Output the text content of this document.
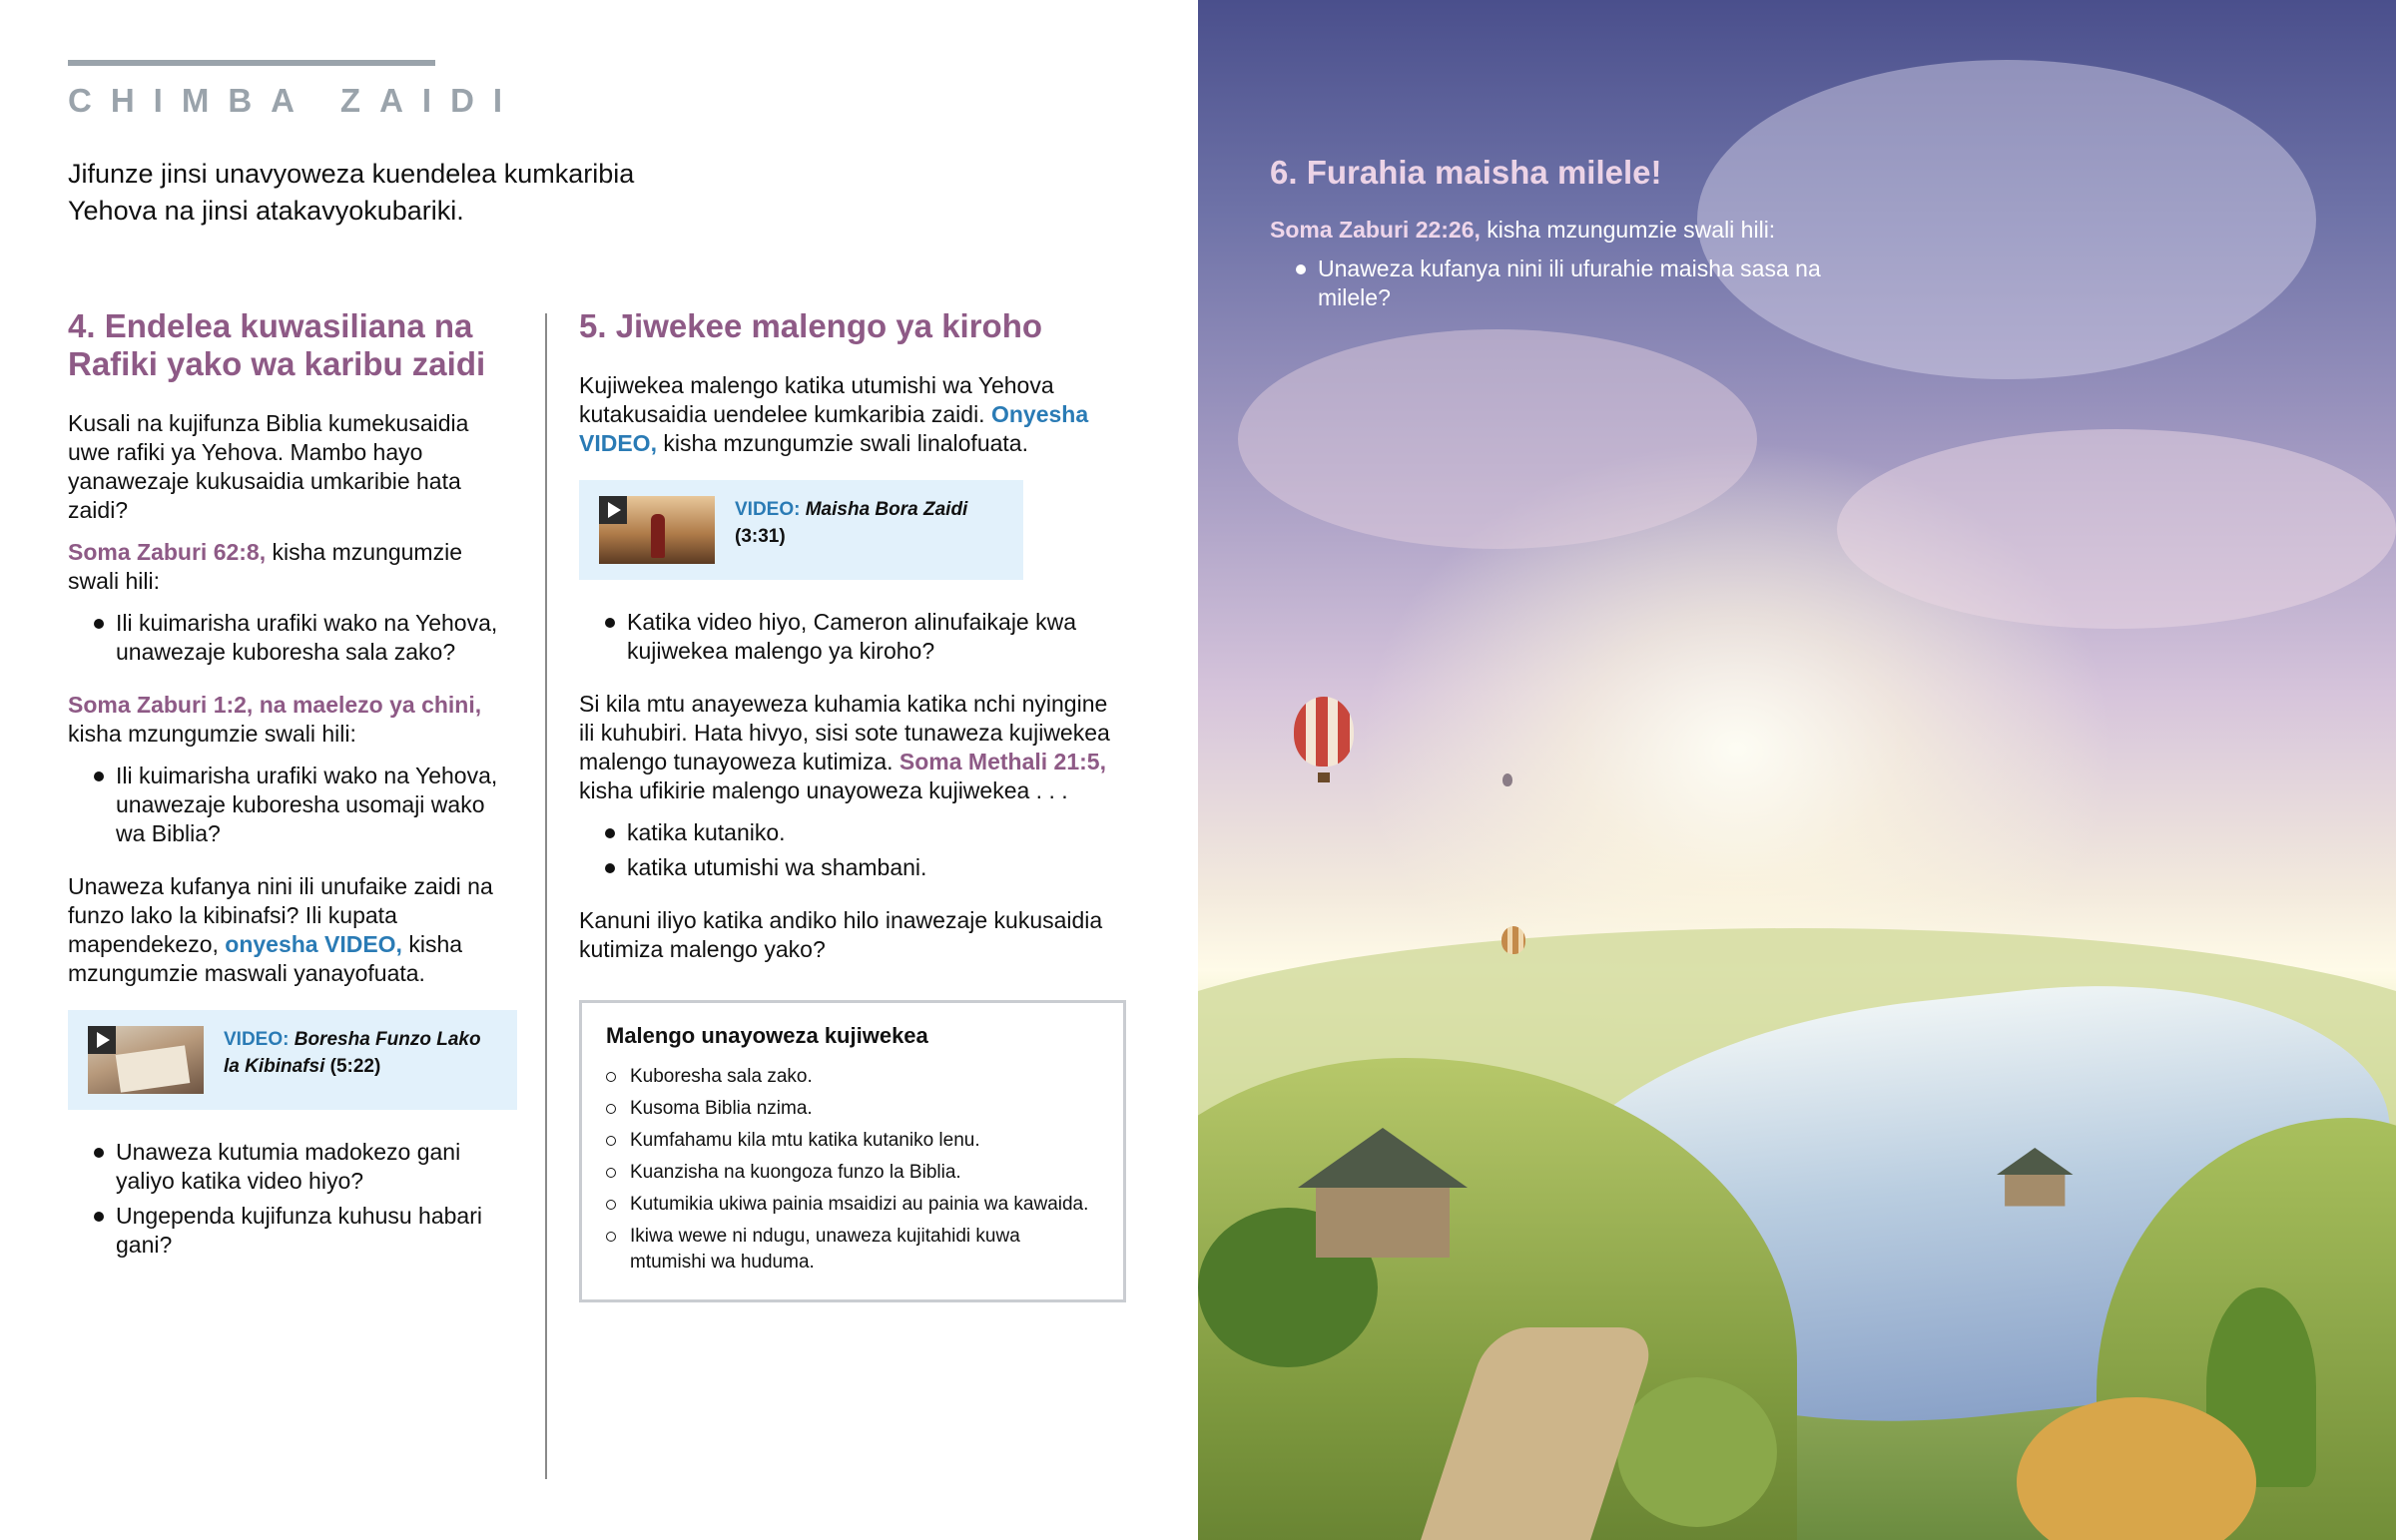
CHIMBA ZAIDI
Jifunze jinsi unavyoweza kuendelea kumkaribia
Yehova na jinsi atakavyokubariki.
4. Endelea kuwasiliana na Rafiki yako wa karibu zaidi

Kusali na kujifunza Biblia kumekusaidia uwe rafiki ya Yehova. Mambo hayo yanawezaje kukusaidia umkaribie hata zaidi?

Soma Zaburi 62:8, kisha mzungumzie swali hili:

Ili kuimarisha urafiki wako na Yehova, unawezaje kuboresha sala zako?

Soma Zaburi 1:2, na maelezo ya chini, kisha mzungumzie swali hili:

Ili kuimarisha urafiki wako na Yehova, unawezaje kuboresha usomaji wako wa Biblia?

Unaweza kufanya nini ili unufaike zaidi na funzo lako la kibinafsi? Ili kupata mapendekezo, onyesha VIDEO, kisha mzungumzie maswali yanayofuata.

VIDEO: Boresha Funzo Lako la Kibinafsi (5:22)
Unaweza kutumia madokezo gani yaliyo katika video hiyo?
Ungependa kujifunza kuhusu habari gani?
5. Jiwekee malengo ya kiroho

Kujiwekea malengo katika utumishi wa Yehova kutakusaidia uendelee kumkaribia zaidi. Onyesha VIDEO, kisha mzungumzie swali linalofuata.

VIDEO: Maisha Bora Zaidi
(3:31)
Katika video hiyo, Cameron alinufaikaje kwa kujiwekea malengo ya kiroho?

Si kila mtu anayeweza kuhamia katika nchi nyingine ili kuhubiri. Hata hivyo, sisi sote tunaweza kujiwekea malengo tunayoweza kutimiza. Soma Methali 21:5, kisha ufikirie malengo unayoweza kujiwekea . . .

katika kutaniko.
katika utumishi wa shambani.

Kanuni iliyo katika andiko hilo inawezaje kukusaidia kutimiza malengo yako?

Malengo unayoweza kujiwekea
Kuboresha sala zako.
Kusoma Biblia nzima.
Kumfahamu kila mtu katika kutaniko lenu.
Kuanzisha na kuongoza funzo la Biblia.
Kutumikia ukiwa painia msaidizi au painia wa kawaida.
Ikiwa wewe ni ndugu, unaweza kujitahidi kuwa mtumishi wa huduma.
6. Furahia maisha milele!

Soma Zaburi 22:26, kisha mzungumzie swali hili:

Unaweza kufanya nini ili ufurahie maisha sasa na milele?
